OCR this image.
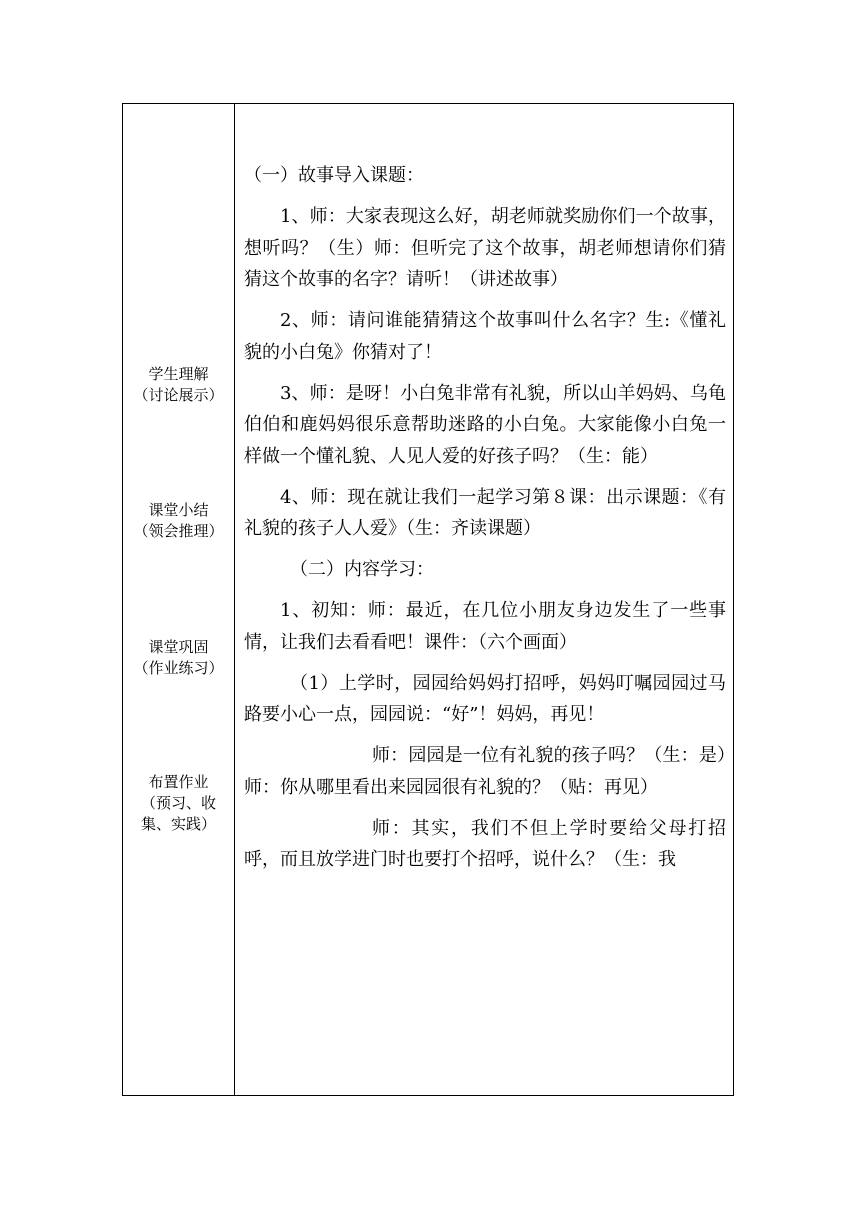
学生理解
（讨论展示）
课堂小结
（领会推理）
课堂巩固
（作业练习）
布置作业
（预习、收
集、实践）

（一）故事导入课题：

1、师：大家表现这么好，胡老师就奖励你们一个故事，想听吗？（生）师：但听完了这个故事，胡老师想请你们猜猜这个故事的名字？请听！（讲述故事）

2、师：请问谁能猜猜这个故事叫什么名字？生:《懂礼貌的小白兔》你猜对了！

3、师：是呀！小白兔非常有礼貌，所以山羊妈妈、乌龟伯伯和鹿妈妈很乐意帮助迷路的小白兔。大家能像小白兔一样做一个懂礼貌、人见人爱的好孩子吗？（生：能）

4、师：现在就让我们一起学习第８课：出示课题：《有礼貌的孩子人人爱》（生：齐读课题）

（二）内容学习：

1、初知：师：最近，在几位小朋友身边发生了一些事情，让我们去看看吧！课件：（六个画面）

（1）上学时，园园给妈妈打招呼，妈妈叮嘱园园过马路要小心一点，园园说：“好”！妈妈，再见！

师：园园是一位有礼貌的孩子吗？（生：是）师：你从哪里看出来园园很有礼貌的？（贴：再见）

师：其实，我们不但上学时要给父母打招呼，而且放学进门时也要打个招呼，说什么？（生：我
